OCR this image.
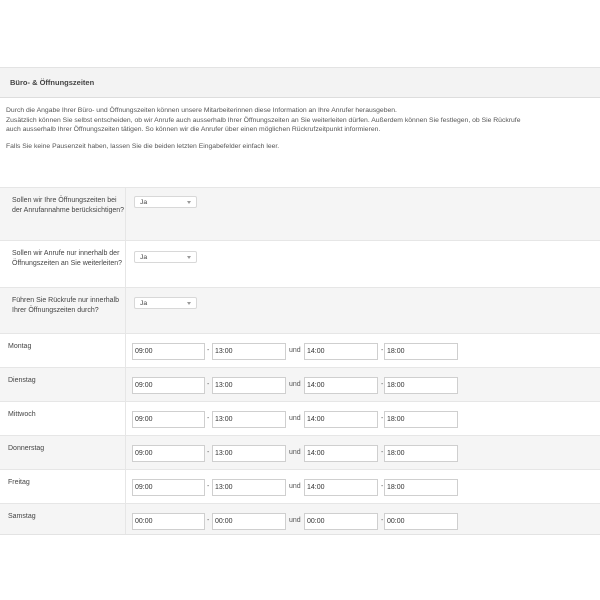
Büro- & Öffnungszeiten

Durch die Angabe Ihrer Büro- und Öffnungszeiten können unsere Mitarbeiterinnen diese Information an Ihre Anrufer herausgeben.

Zusätzlich können Sie selbst entscheiden, ob wir Anrufe auch ausserhalb Ihrer Öffnungszeiten an Sie weiterleiten dürfen. Außerdem können Sie festlegen, ob Sie Rückrufe

auch ausserhalb Ihrer Öffnungszeiten tätigen. So können wir die Anrufer über einen möglichen Rückrufzeitpunkt informieren.

Falls Sie keine Pausenzeit haben, lassen Sie die beiden letzten Eingabefelder einfach leer.

Sollen wir Ihre Öffnungszeiten bei der Anrufannahme berücksichtigen?
Ja
Sollen wir Anrufe nur innerhalb der Öffnungszeiten an Sie weiterleiten?
Ja
Führen Sie Rückrufe nur innerhalb Ihrer Öffnungszeiten durch?
Ja
Montag
09:00	- 13:00	und 14:00	- 18:00
Dienstag
09:00	- 13:00	und 14:00	- 18:00
Mittwoch
09:00	- 13:00	und 14:00	- 18:00
Donnerstag
09:00	- 13:00	und 14:00	- 18:00
Freitag
09:00	- 13:00	und 14:00	- 18:00
Samstag
00:00	- 00:00	und 00:00	- 00:00
